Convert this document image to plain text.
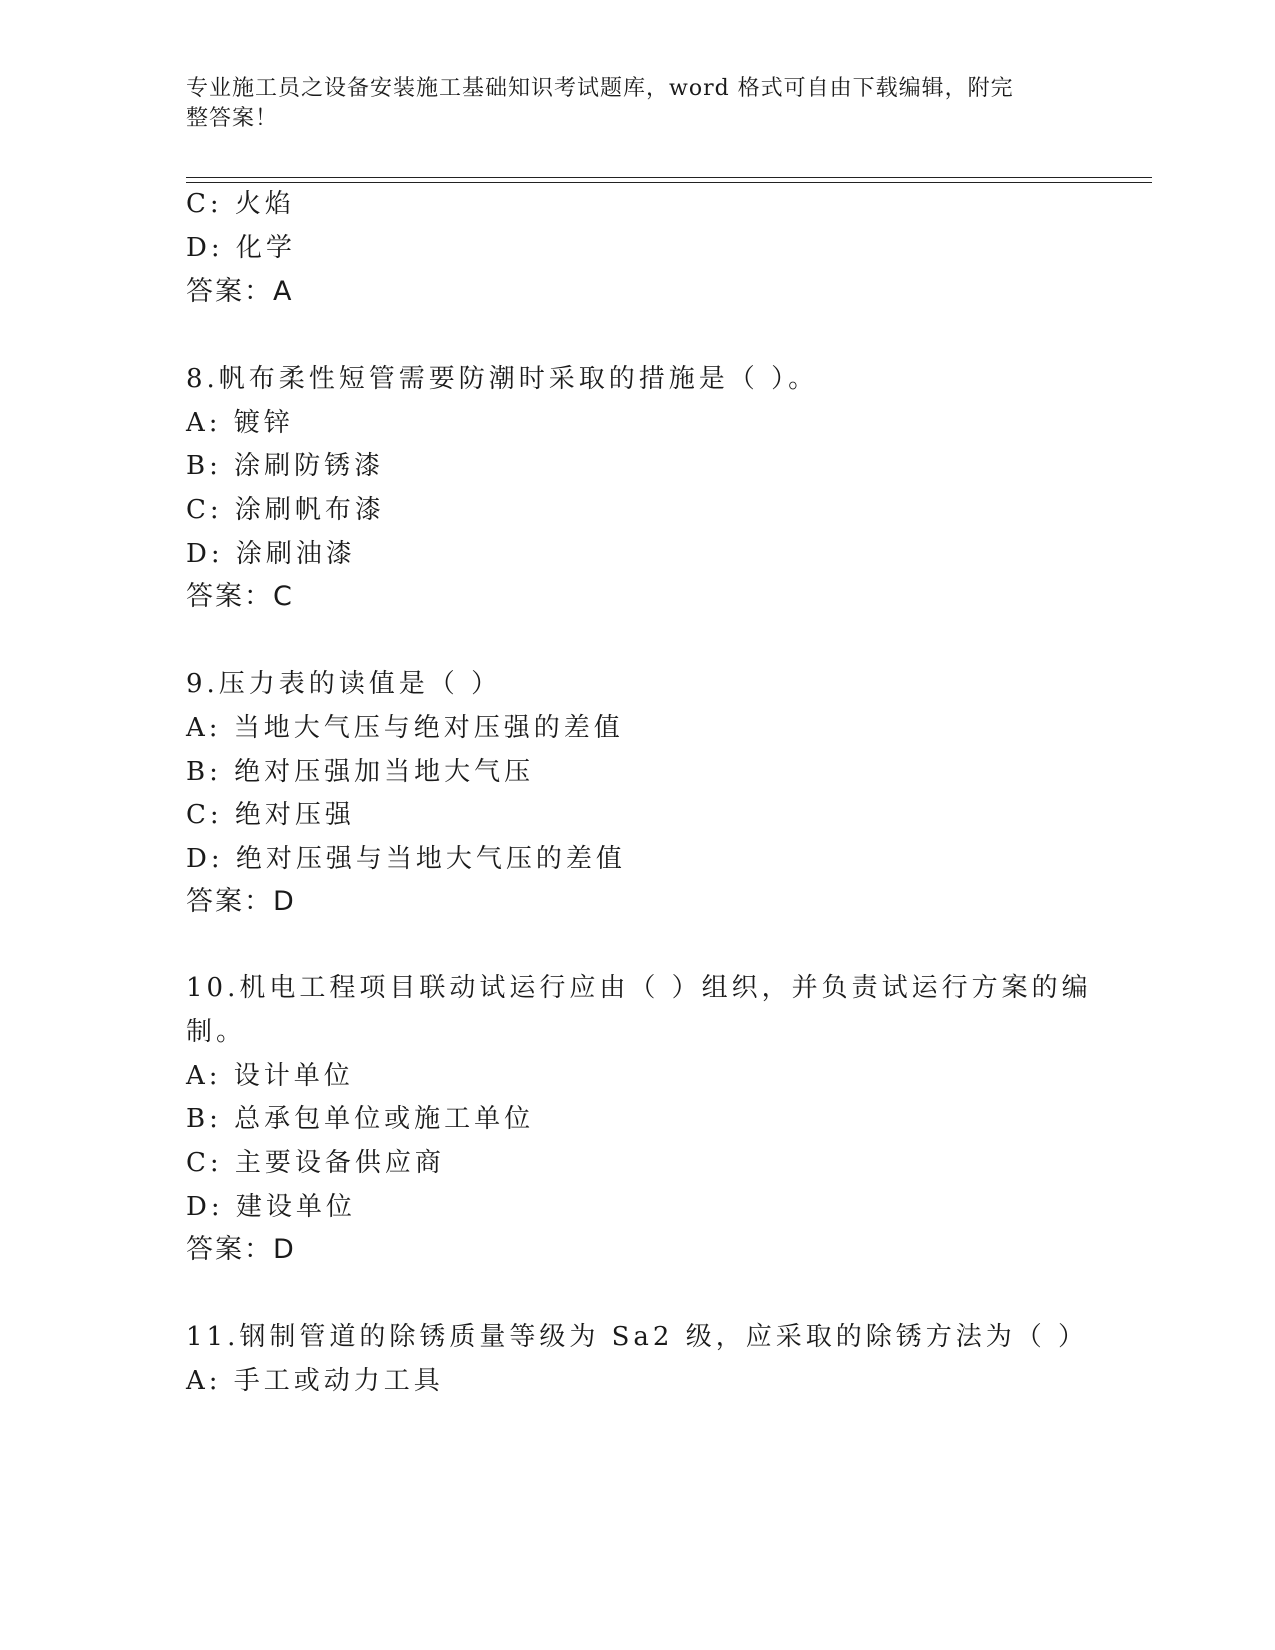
专业施工员之设备安装施工基础知识考试题库，word 格式可自由下载编辑，附完
整答案！
C: 火焰
D: 化学
答案：A
8.帆布柔性短管需要防潮时采取的措施是（ ）。
A: 镀锌
B: 涂刷防锈漆
C: 涂刷帆布漆
D: 涂刷油漆
答案：C
9.压力表的读值是（ ）
A: 当地大气压与绝对压强的差值
B: 绝对压强加当地大气压
C: 绝对压强
D: 绝对压强与当地大气压的差值
答案：D
10.机电工程项目联动试运行应由（ ）组织，并负责试运行方案的编
制。
A: 设计单位
B: 总承包单位或施工单位
C: 主要设备供应商
D: 建设单位
答案：D
11.钢制管道的除锈质量等级为 Sa2 级，应采取的除锈方法为（ ）
A: 手工或动力工具
